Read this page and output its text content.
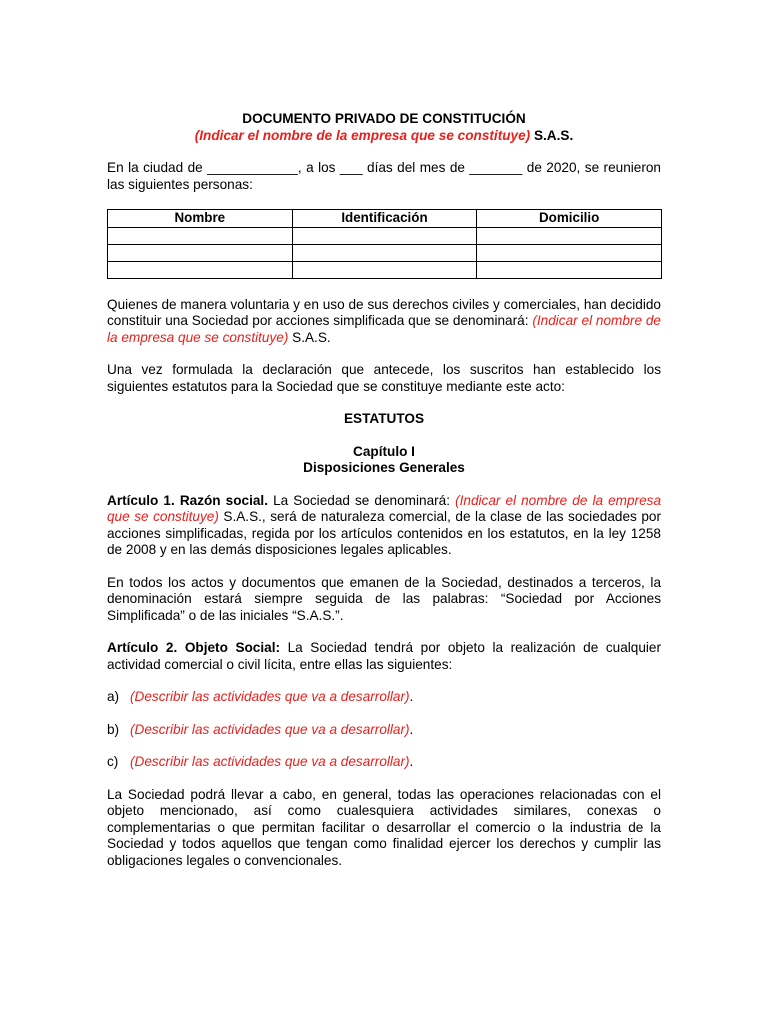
DOCUMENTO PRIVADO DE CONSTITUCIÓN

(Indicar el nombre de la empresa que se constituye) S.A.S.

En la ciudad de ____________, a los ___ días del mes de _______ de 2020, se reunieron las siguientes personas:

Nombre	Identificación	Domicilio

Quienes de manera voluntaria y en uso de sus derechos civiles y comerciales, han decidido constituir una Sociedad por acciones simplificada que se denominará: (Indicar el nombre de la empresa que se constituye) S.A.S.

Una vez formulada la declaración que antecede, los suscritos han establecido los siguientes estatutos para la Sociedad que se constituye mediante este acto:

ESTATUTOS

Capítulo I

Disposiciones Generales

Artículo 1. Razón social. La Sociedad se denominará: (Indicar el nombre de la empresa que se constituye) S.A.S., será de naturaleza comercial, de la clase de las sociedades por acciones simplificadas, regida por los artículos contenidos en los estatutos, en la ley 1258 de 2008 y en las demás disposiciones legales aplicables.

En todos los actos y documentos que emanen de la Sociedad, destinados a terceros, la denominación estará siempre seguida de las palabras: “Sociedad por Acciones Simplificada” o de las iniciales “S.A.S.”.

Artículo 2. Objeto Social: La Sociedad tendrá por objeto la realización de cualquier actividad comercial o civil lícita, entre ellas las siguientes:

a) (Describir las actividades que va a desarrollar).
b) (Describir las actividades que va a desarrollar).
c) (Describir las actividades que va a desarrollar).

La Sociedad podrá llevar a cabo, en general, todas las operaciones relacionadas con el objeto mencionado, así como cualesquiera actividades similares, conexas o complementarias o que permitan facilitar o desarrollar el comercio o la industria de la Sociedad y todos aquellos que tengan como finalidad ejercer los derechos y cumplir las obligaciones legales o convencionales.
